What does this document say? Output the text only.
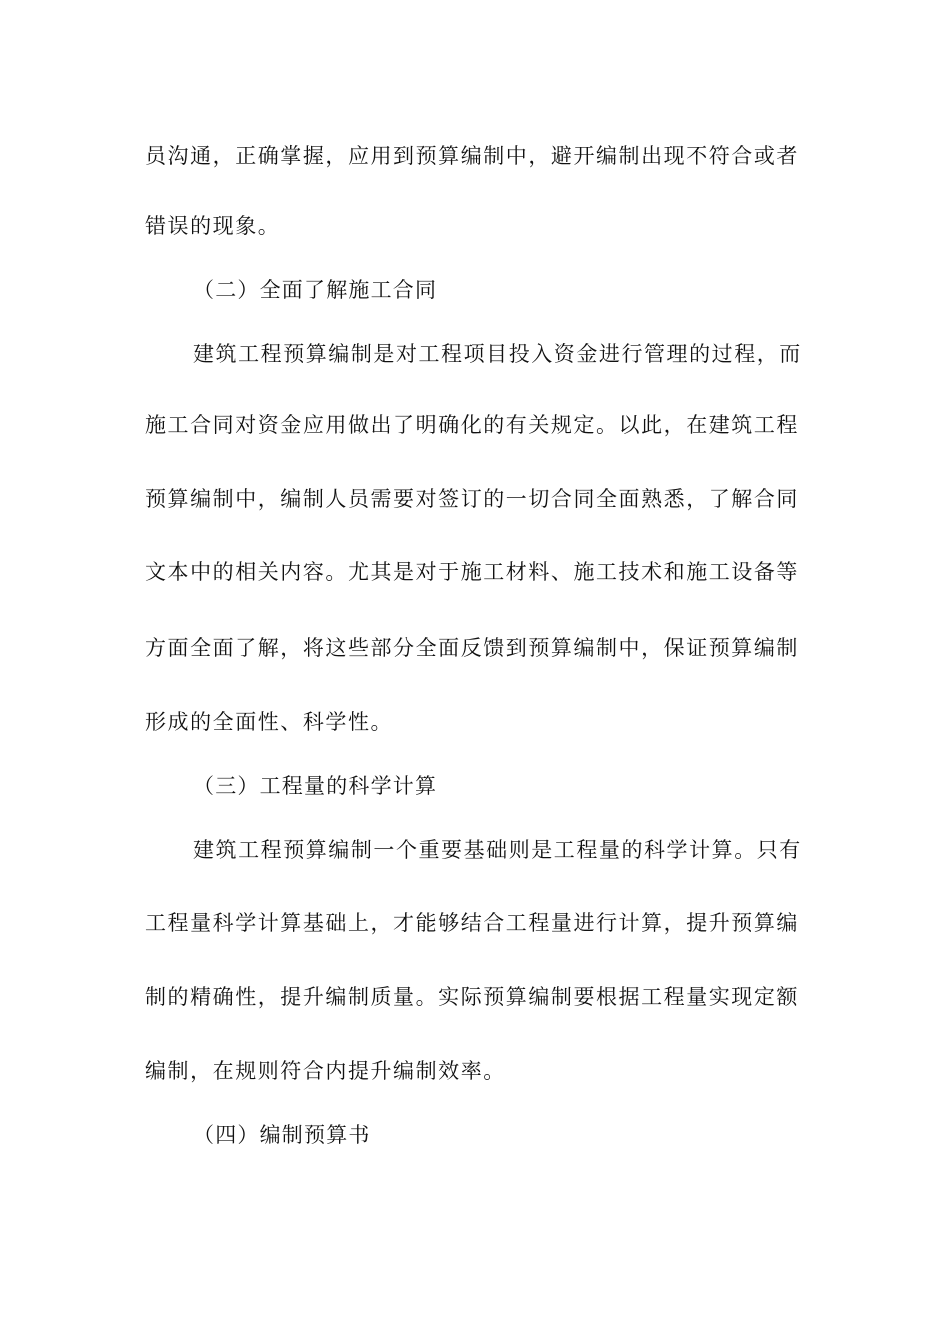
员沟通，正确掌握，应用到预算编制中，避开编制出现不符合或者
错误的现象。
（二）全面了解施工合同
建筑工程预算编制是对工程项目投入资金进行管理的过程，而
施工合同对资金应用做出了明确化的有关规定。以此，在建筑工程
预算编制中，编制人员需要对签订的一切合同全面熟悉，了解合同
文本中的相关内容。尤其是对于施工材料、施工技术和施工设备等
方面全面了解，将这些部分全面反馈到预算编制中，保证预算编制
形成的全面性、科学性。
（三）工程量的科学计算
建筑工程预算编制一个重要基础则是工程量的科学计算。只有
工程量科学计算基础上，才能够结合工程量进行计算，提升预算编
制的精确性，提升编制质量。实际预算编制要根据工程量实现定额
编制，在规则符合内提升编制效率。
（四）编制预算书
